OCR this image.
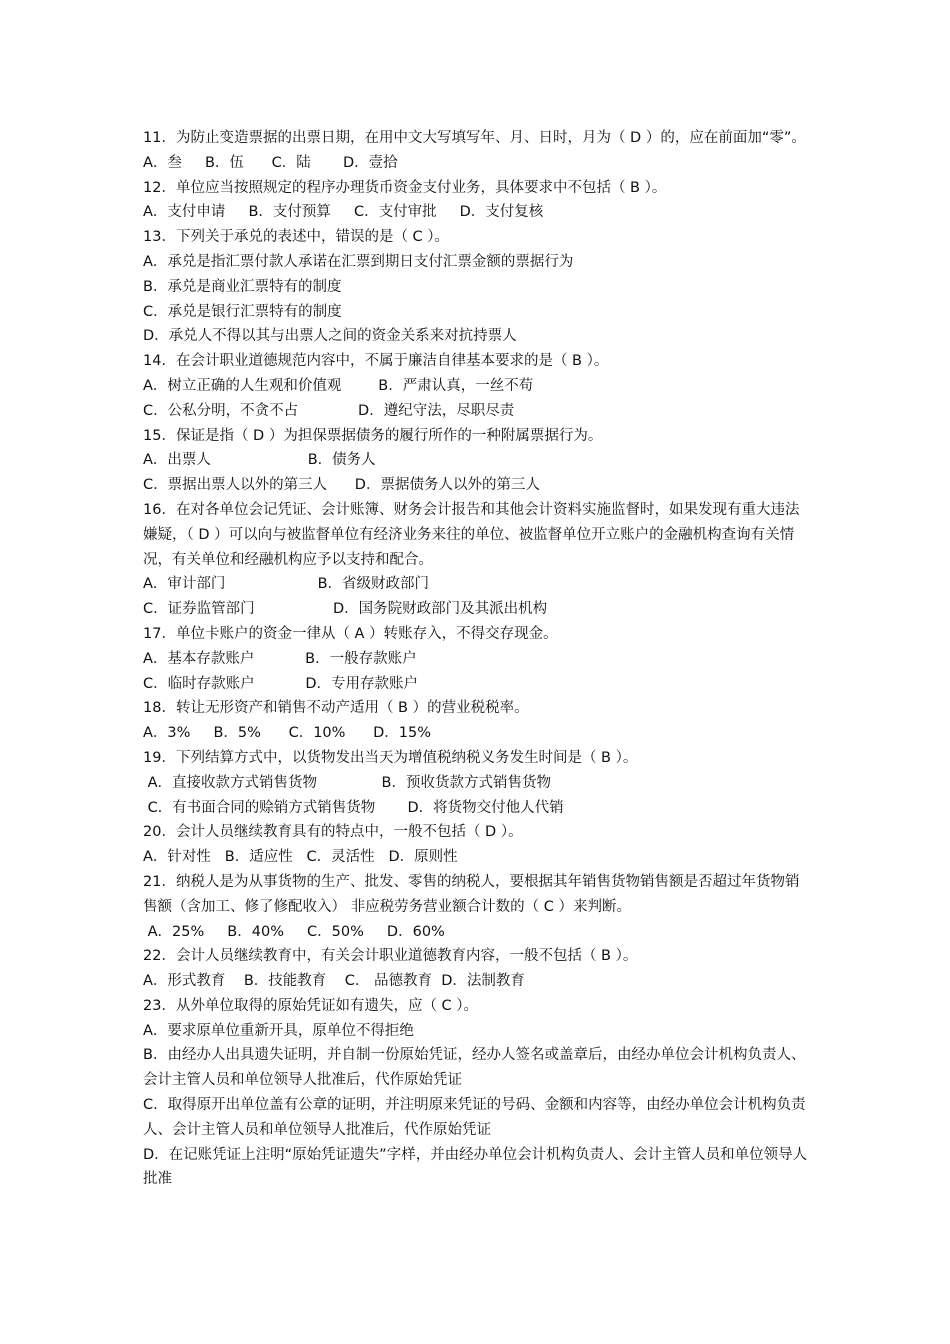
11．为防止变造票据的出票日期，在用中文大写填写年、月、日时，月为（ D ）的，应在前面加“零”。
A．叁     B．伍      C．陆       D．壹拾
12．单位应当按照规定的程序办理货币资金支付业务，具体要求中不包括（ B ）。
A．支付申请     B．支付预算     C．支付审批     D．支付复核
13．下列关于承兑的表述中，错误的是（ C ）。
A．承兑是指汇票付款人承诺在汇票到期日支付汇票金额的票据行为
B．承兑是商业汇票特有的制度
C．承兑是银行汇票特有的制度
D．承兑人不得以其与出票人之间的资金关系来对抗持票人
14．在会计职业道德规范内容中，不属于廉洁自律基本要求的是（ B ）。
A．树立正确的人生观和价值观        B．严肃认真，一丝不苟
C．公私分明，不贪不占             D．遵纪守法，尽职尽责
15．保证是指（ D ）为担保票据债务的履行所作的一种附属票据行为。
A．出票人                     B．债务人
C．票据出票人以外的第三人      D．票据债务人以外的第三人
16．在对各单位会记凭证、会计账簿、财务会计报告和其他会计资料实施监督时，如果发现有重大违法嫌疑，（ D ）可以向与被监督单位有经济业务来往的单位、被监督单位开立账户的金融机构查询有关情况，有关单位和经融机构应予以支持和配合。
A．审计部门                    B．省级财政部门
C．证券监管部门                 D．国务院财政部门及其派出机构
17．单位卡账户的资金一律从（ A ）转账存入，不得交存现金。
A．基本存款账户           B．一般存款账户
C．临时存款账户           D．专用存款账户
18．转让无形资产和销售不动产适用（ B ）的营业税税率。
A．3%     B．5%      C．10%      D．15%
19．下列结算方式中，以货物发出当天为增值税纳税义务发生时间是（ B ）。
A．直接收款方式销售货物              B．预收货款方式销售货物
C．有书面合同的赊销方式销售货物       D．将货物交付他人代销
20．会计人员继续教育具有的特点中，一般不包括（ D ）。
A．针对性   B．适应性   C．灵活性   D．原则性
21．纳税人是为从事货物的生产、批发、零售的纳税人，要根据其年销售货物销售额是否超过年货物销售额（含加工、修了修配收入） 非应税劳务营业额合计数的（ C ）来判断。
A．25%     B．40%     C．50%     D．60%
22．会计人员继续教育中，有关会计职业道德教育内容，一般不包括（ B ）。
A．形式教育    B．技能教育    C． 品德教育  D．法制教育
23．从外单位取得的原始凭证如有遗失，应（ C ）。
A．要求原单位重新开具，原单位不得拒绝
B．由经办人出具遗失证明，并自制一份原始凭证，经办人签名或盖章后，由经办单位会计机构负责人、会计主管人员和单位领导人批准后，代作原始凭证
C．取得原开出单位盖有公章的证明，并注明原来凭证的号码、金额和内容等，由经办单位会计机构负责人、会计主管人员和单位领导人批准后，代作原始凭证
D．在记账凭证上注明“原始凭证遗失”字样，并由经办单位会计机构负责人、会计主管人员和单位领导人批准
